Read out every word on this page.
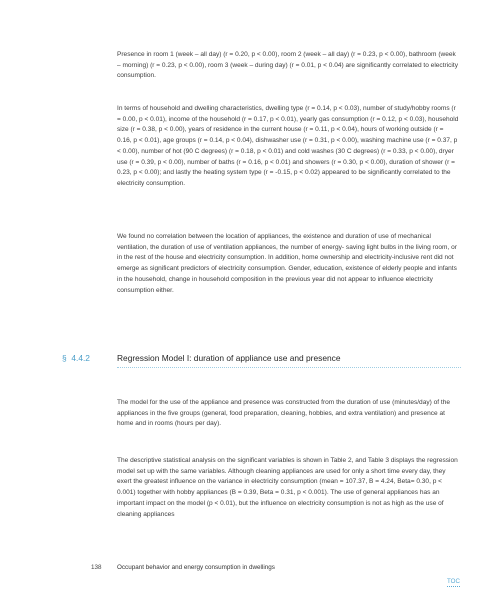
Presence in room 1 (week – all day) (r = 0.20, p < 0.00), room 2 (week – all day) (r = 0.23, p < 0.00), bathroom (week – morning) (r = 0.23, p < 0.00), room 3 (week – during day) (r = 0.01, p < 0.04) are significantly correlated to electricity consumption.

In terms of household and dwelling characteristics, dwelling type (r = 0.14, p < 0.03), number of study/hobby rooms (r = 0.00, p < 0.01), income of the household (r = 0.17, p < 0.01), yearly gas consumption (r = 0.12, p < 0.03), household size (r = 0.38, p < 0.00), years of residence in the current house (r = 0.11, p < 0.04), hours of working outside (r = 0.16, p < 0.01), age groups (r = 0.14, p < 0.04), dishwasher use (r = 0.31, p < 0.00), washing machine use (r = 0.37, p < 0.00), number of hot (90 C degrees) (r = 0.18, p < 0.01) and cold washes (30 C degrees) (r = 0.33, p < 0.00), dryer use (r = 0.39, p < 0.00), number of baths (r = 0.16, p < 0.01) and showers (r = 0.30, p < 0.00), duration of shower (r = 0.23, p < 0.00); and lastly the heating system type (r = -0.15, p < 0.02) appeared to be significantly correlated to the electricity consumption.

We found no correlation between the location of appliances, the existence and duration of use of mechanical ventilation, the duration of use of ventilation appliances, the number of energy- saving light bulbs in the living room, or in the rest of the house and electricity consumption. In addition, home ownership and electricity-inclusive rent did not emerge as significant predictors of electricity consumption. Gender, education, existence of elderly people and infants in the household, change in household composition in the previous year did not appear to influence electricity consumption either.

§ 4.4.2	Regression Model I: duration of appliance use and presence

The model for the use of the appliance and presence was constructed from the duration of use (minutes/day) of the appliances in the five groups (general, food preparation, cleaning, hobbies, and extra ventilation) and presence at home and in rooms (hours per day).

The descriptive statistical analysis on the significant variables is shown in Table 2, and Table 3 displays the regression model set up with the same variables. Although cleaning appliances are used for only a short time every day, they exert the greatest influence on the variance in electricity consumption (mean = 107.37, B = 4.24, Beta= 0.30, p < 0.001) together with hobby appliances (B = 0.39, Beta = 0.31, p < 0.001). The use of general appliances has an important impact on the model (p < 0.01), but the influence on electricity consumption is not as high as the use of cleaning appliances

138 Occupant behavior and energy consumption in dwellings
TOC
